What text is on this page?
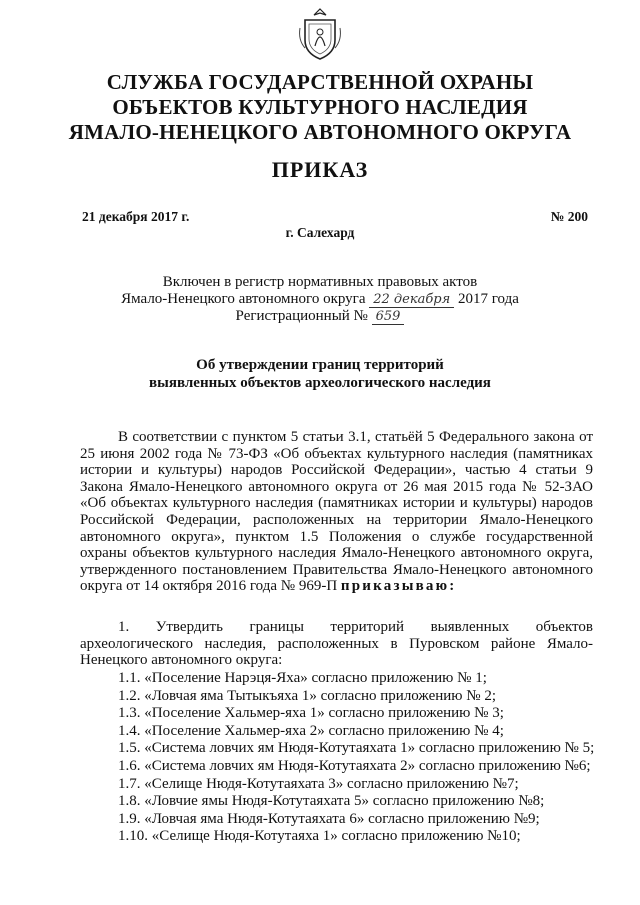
СЛУЖБА ГОСУДАРСТВЕННОЙ ОХРАНЫ
ОБЪЕКТОВ КУЛЬТУРНОГО НАСЛЕДИЯ
ЯМАЛО-НЕНЕЦКОГО АВТОНОМНОГО ОКРУГА
ПРИКАЗ
21 декабря 2017 г.	№ 200
г. Салехард
Включен в регистр нормативных правовых актов
Ямало-Ненецкого автономного округа 22 декабря 2017 года
Регистрационный № 659
Об утверждении границ территорий
выявленных объектов археологического наследия
В соответствии с пунктом 5 статьи 3.1, статьёй 5 Федерального закона от 25 июня 2002 года № 73-ФЗ «Об объектах культурного наследия (памятниках истории и культуры) народов Российской Федерации», частью 4 статьи 9 Закона Ямало-Ненецкого автономного округа от 26 мая 2015 года № 52-ЗАО «Об объектах культурного наследия (памятниках истории и культуры) народов Российской Федерации, расположенных на территории Ямало-Ненецкого автономного округа», пунктом 1.5 Положения о службе государственной охраны объектов культурного наследия Ямало-Ненецкого автономного округа, утвержденного постановлением Правительства Ямало-Ненецкого автономного округа от 14 октября 2016 года № 969-П приказываю:
1. Утвердить границы территорий выявленных объектов археологического наследия, расположенных в Пуровском районе Ямало-Ненецкого автономного округа:
1.1. «Поселение Нарэця-Яха» согласно приложению № 1;
1.2. «Ловчая яма Тытыкъяха 1» согласно приложению № 2;
1.3. «Поселение Хальмер-яха 1» согласно приложению № 3;
1.4. «Поселение Хальмер-яха 2» согласно приложению № 4;
1.5. «Система ловчих ям Нюдя-Котутаяхата 1» согласно приложению № 5;
1.6. «Система ловчих ям Нюдя-Котутаяхата 2» согласно приложению №6;
1.7. «Селище Нюдя-Котутаяхата 3» согласно приложению №7;
1.8. «Ловчие ямы Нюдя-Котутаяхата 5» согласно приложению №8;
1.9. «Ловчая яма Нюдя-Котутаяхата 6» согласно приложению №9;
1.10. «Селище Нюдя-Котутаяха 1» согласно приложению №10;
